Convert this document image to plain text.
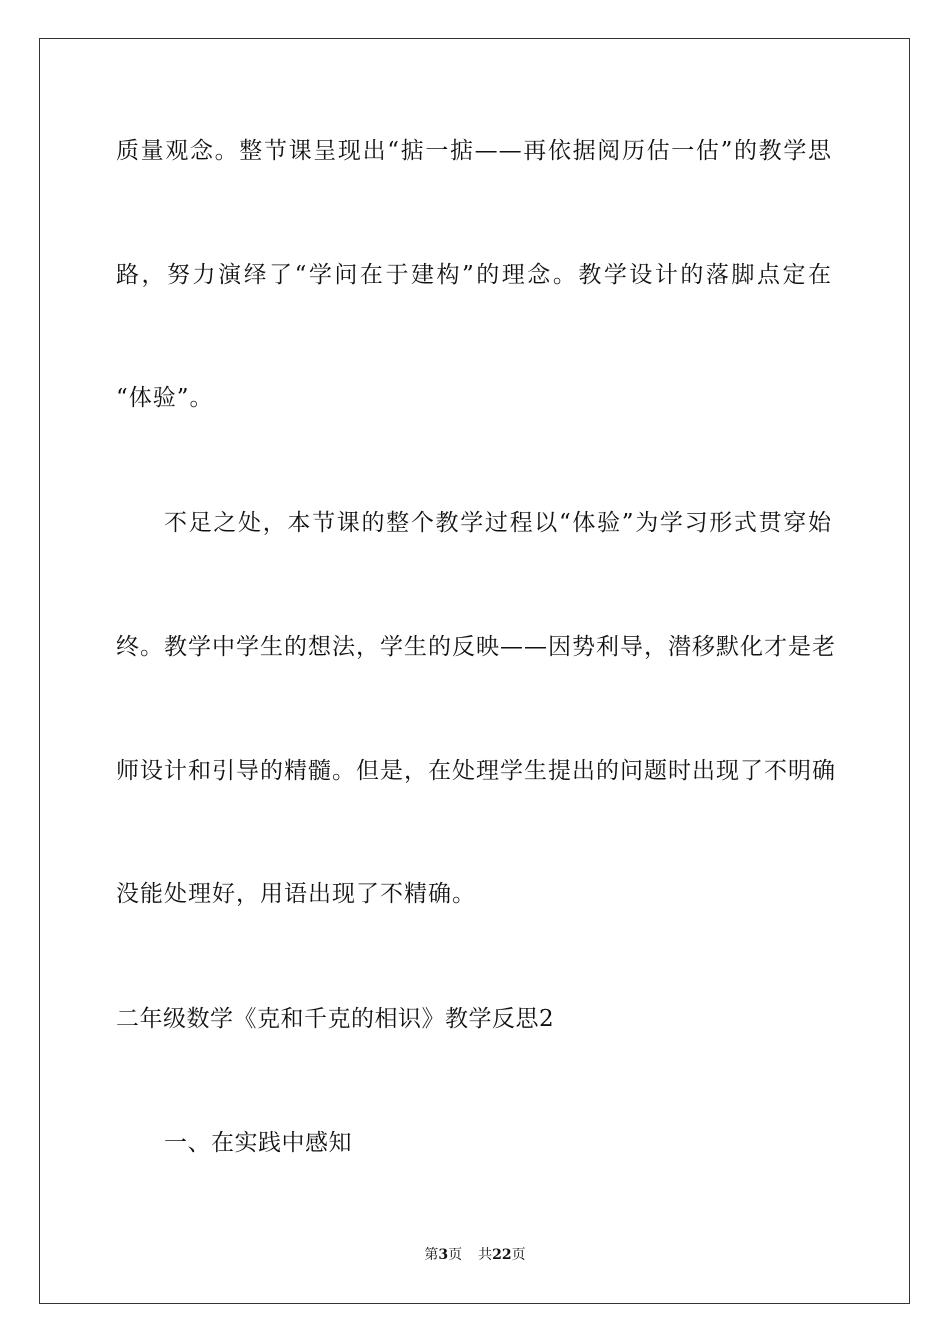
质量观念。整节课呈现出“掂一掂——再依据阅历估一估”的教学思
路，努力演绎了“学问在于建构”的理念。教学设计的落脚点定在
“体验”。
不足之处，本节课的整个教学过程以“体验”为学习形式贯穿始
终。教学中学生的想法，学生的反映——因势利导，潜移默化才是老
师设计和引导的精髓。但是，在处理学生提出的问题时出现了不明确
没能处理好，用语出现了不精确。
二年级数学《克和千克的相识》教学反思2
一、在实践中感知
第3页 共22页
